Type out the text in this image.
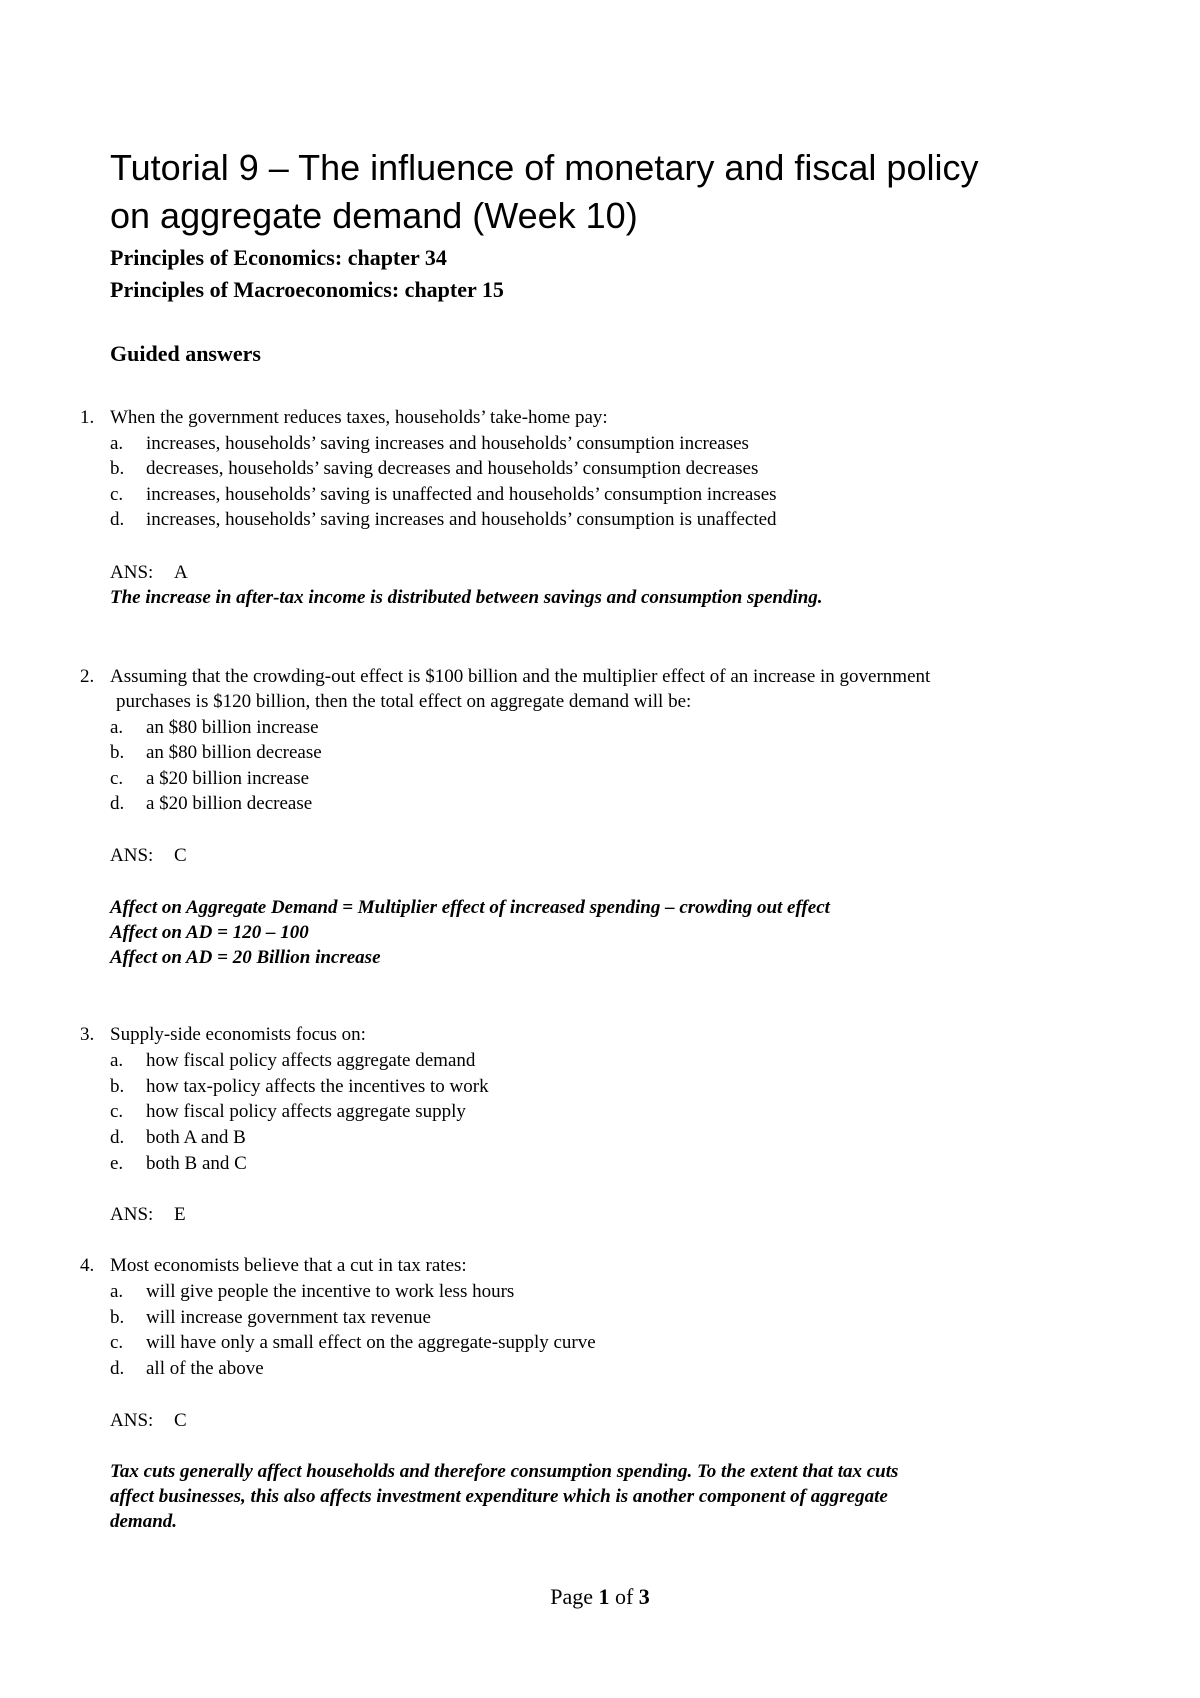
Tutorial 9 – The influence of monetary and fiscal policy
on aggregate demand (Week 10)

Principles of Economics: chapter 34

Principles of Macroeconomics: chapter 15

Guided answers

1. When the government reduces taxes, households’ take-home pay:
a. increases, households’ saving increases and households’ consumption increases
b. decreases, households’ saving decreases and households’ consumption decreases
c. increases, households’ saving is unaffected and households’ consumption increases
d. increases, households’ saving increases and households’ consumption is unaffected
ANS: A
The increase in after-tax income is distributed between savings and consumption spending.
2. Assuming that the crowding-out effect is $100 billion and the multiplier effect of an increase in government
purchases is $120 billion, then the total effect on aggregate demand will be:
a. an $80 billion increase
b. an $80 billion decrease
c. a $20 billion increase
d. a $20 billion decrease
ANS: C
Affect on Aggregate Demand = Multiplier effect of increased spending – crowding out effect
Affect on AD = 120 – 100
Affect on AD = 20 Billion increase
3. Supply-side economists focus on:
a. how fiscal policy affects aggregate demand
b. how tax-policy affects the incentives to work
c. how fiscal policy affects aggregate supply
d. both A and B
e. both B and C
ANS: E
4. Most economists believe that a cut in tax rates:
a. will give people the incentive to work less hours
b. will increase government tax revenue
c. will have only a small effect on the aggregate-supply curve
d. all of the above
ANS: C
Tax cuts generally affect households and therefore consumption spending. To the extent that tax cuts
affect businesses, this also affects investment expenditure which is another component of aggregate
demand.
Page 1 of 3
